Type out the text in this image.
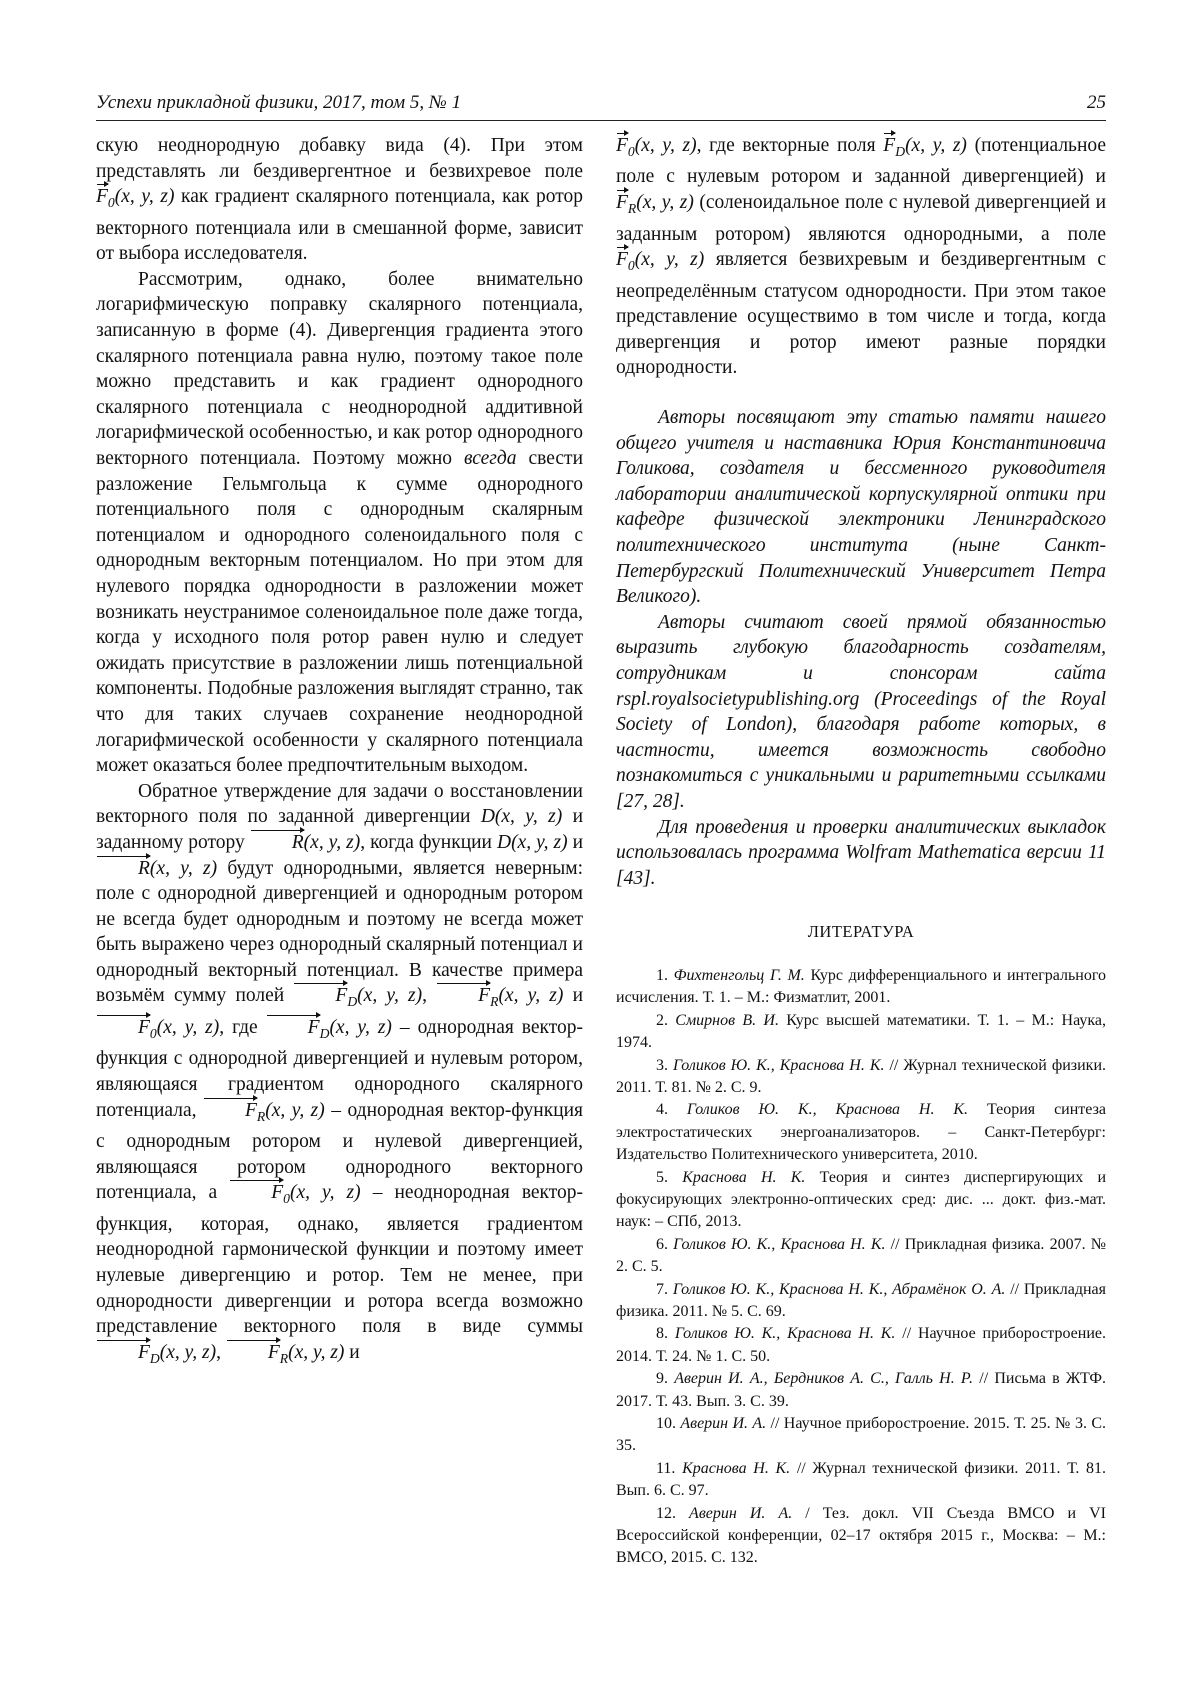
Успехи прикладной физики, 2017, том 5, № 1	25

скую неоднородную добавку вида (4). При этом представлять ли бездивергентное и безвихревое поле $F_0(x$, y, z) как градиент скалярного потенциала, как ротор векторного потенциала или в смешанной форме, зависит от выбора исследователя.

Рассмотрим, однако, более внимательно логарифмическую поправку скалярного потенциала, записанную в форме (4). Дивергенция градиента этого скалярного потенциала равна нулю, поэтому такое поле можно представить и как градиент однородного скалярного потенциала с неоднородной аддитивной логарифмической особенностью, и как ротор однородного векторного потенциала. Поэтому можно всегда свести разложение Гельмгольца к сумме однородного потенциального поля с однородным скалярным потенциалом и однородного соленоидального поля с однородным векторным потенциалом. Но при этом для нулевого порядка однородности в разложении может возникать неустранимое соленоидальное поле даже тогда, когда у исходного поля ротор равен нулю и следует ожидать присутствие в разложении лишь потенциальной компоненты. Подобные разложения выглядят странно, так что для таких случаев сохранение неоднородной логарифмической особенности у скалярного потенциала может оказаться более предпочтительным выходом.

Обратное утверждение для задачи о восстановлении векторного поля по заданной дивергенции D(x, y, z) и заданному ротору R(x, y, z), когда функции D(x, y, z) и R(x, y, z) будут однородными, является неверным: поле с однородной дивергенцией и однородным ротором не всегда будет однородным и поэтому не всегда может быть выражено через однородный скалярный потенциал и однородный векторный потенциал. В качестве примера возьмём сумму полей	$F_D(x$, y, z), $F_R(x$, y, z) и $F_0(x$, y, z), где	$F_D(x$, y, z) – однородная вектор-функция с однородной дивергенцией и нулевым ротором, являющаяся градиентом однородного скалярного потенциала, $F_R(x$, y, z) – однородная вектор-функция с однородным ротором и нулевой дивергенцией, являющаяся ротором однородного векторного потенциала, а	$F_0(x$, y, z) – неоднородная вектор-функция, которая, однако, является градиентом неоднородной гармонической функции и поэтому имеет нулевые дивергенцию и ротор. Тем не менее, при однородности дивергенции и ротора всегда возможно представление векторного поля в виде суммы $F_D(x$, y, z), $F_R(x$, y, z) и

$F_0(x$, y, z), где векторные поля $F_D(x$, y, z) (потенциальное поле с нулевым ротором и заданной дивергенцией) и $F_R(x$, y, z) (соленоидальное поле с нулевой дивергенцией и заданным ротором) являются однородными, а поле $F_0(x$, y, z) является безвихревым и бездивергентным с неопределённым статусом однородности. При этом такое представление осуществимо в том числе и тогда, когда дивергенция и ротор имеют разные порядки однородности.

Авторы посвящают эту статью памяти нашего общего учителя и наставника Юрия Константиновича Голикова, создателя и бессменного руководителя лаборатории аналитической корпускулярной оптики при кафедре физической электроники Ленинградского политехнического института (ныне Санкт-Петербургский Политехнический Университет Петра Великого).

Авторы считают своей прямой обязанностью выразить глубокую благодарность создателям, сотрудникам и спонсорам сайта rspl.royalsocietypublishing.org (Proceedings of the Royal Society of London), благодаря работе которых, в частности, имеется возможность свободно познакомиться с уникальными и раритетными ссылками [27, 28].

Для проведения и проверки аналитических выкладок использовалась программа Wolfram Mathematica версии 11 [43].

ЛИТЕРАТУРА

1. Фихтенгольц Г. М. Курс дифференциального и интегрального исчисления. Т. 1. – М.: Физматлит, 2001.

2. Смирнов В. И. Курс высшей математики. Т. 1. – М.: Наука, 1974.

3. Голиков Ю. К., Краснова Н. К. // Журнал технической физики. 2011. Т. 81. № 2. С. 9.

4. Голиков Ю. К., Краснова Н. К. Теория синтеза электростатических энергоанализаторов. – Санкт-Петербург: Издательство Политехнического университета, 2010.

5. Краснова Н. К. Теория и синтез диспергирующих и фокусирующих электронно-оптических сред: дис. ... докт. физ.-мат. наук: – СПб, 2013.

6. Голиков Ю. К., Краснова Н. К. // Прикладная физика. 2007. № 2. С. 5.

7. Голиков Ю. К., Краснова Н. К., Абрамёнок О. А. // Прикладная физика. 2011. № 5. С. 69.

8. Голиков Ю. К., Краснова Н. К. // Научное приборостроение. 2014. Т. 24. № 1. С. 50.

9. Аверин И. А., Бердников А. С., Галль Н. Р. // Письма в ЖТФ. 2017. Т. 43. Вып. 3. С. 39.

10. Аверин И. А. // Научное приборостроение. 2015. Т. 25. № 3. С. 35.

11. Краснова Н. К. // Журнал технической физики. 2011. Т. 81. Вып. 6. С. 97.

12. Аверин И. А. / Тез. докл. VII Съезда ВМСО и VI Всероссийской конференции, 02–17 октября 2015 г., Москва: – М.: ВМСО, 2015. С. 132.
